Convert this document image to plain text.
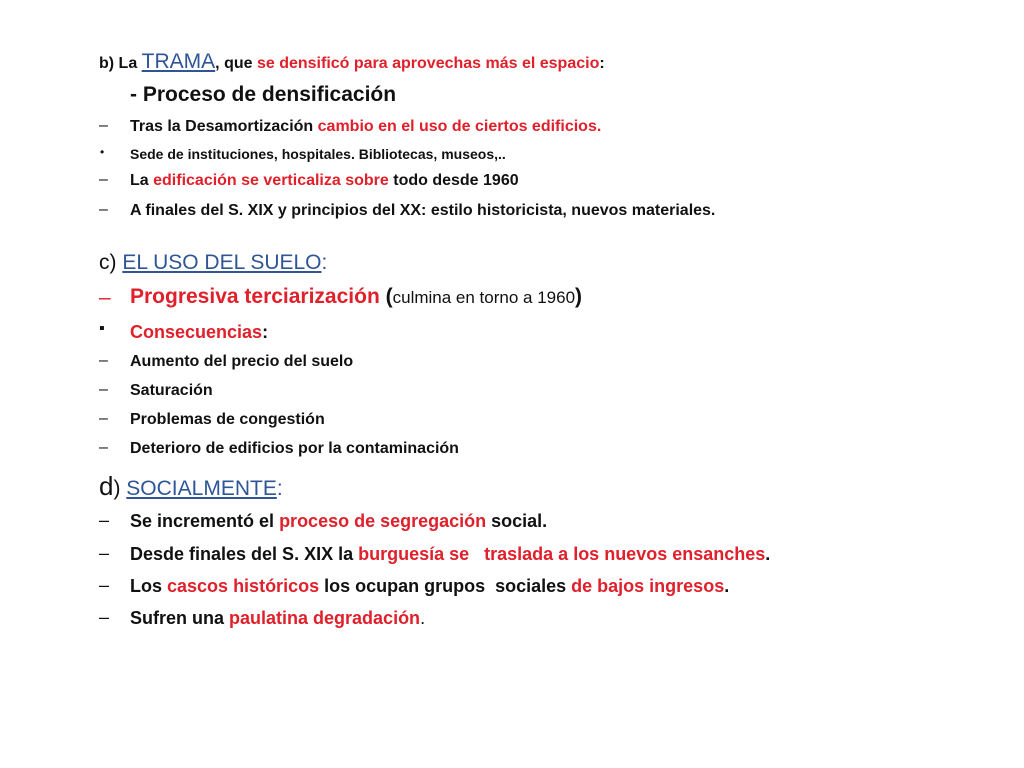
b) La TRAMA, que se densificó para aprovechas más el espacio:
- Proceso de densificación
– Tras la Desamortización cambio en el uso de ciertos edificios.
• Sede de instituciones, hospitales. Bibliotecas, museos,..
– La edificación se verticaliza sobre todo desde 1960
– A finales del S. XIX y principios del XX: estilo historicista, nuevos materiales.
c) EL USO DEL SUELO:
– Progresiva terciarización (culmina en torno a 1960)
▪ Consecuencias:
– Aumento del precio del suelo
– Saturación
– Problemas de congestión
– Deterioro de edificios por la contaminación
d) SOCIALMENTE:
– Se incrementó el proceso de segregación social.
– Desde finales del S. XIX la burguesía se   traslada a los nuevos ensanches.
– Los cascos históricos los ocupan grupos  sociales de bajos ingresos.
– Sufren una paulatina degradación.
